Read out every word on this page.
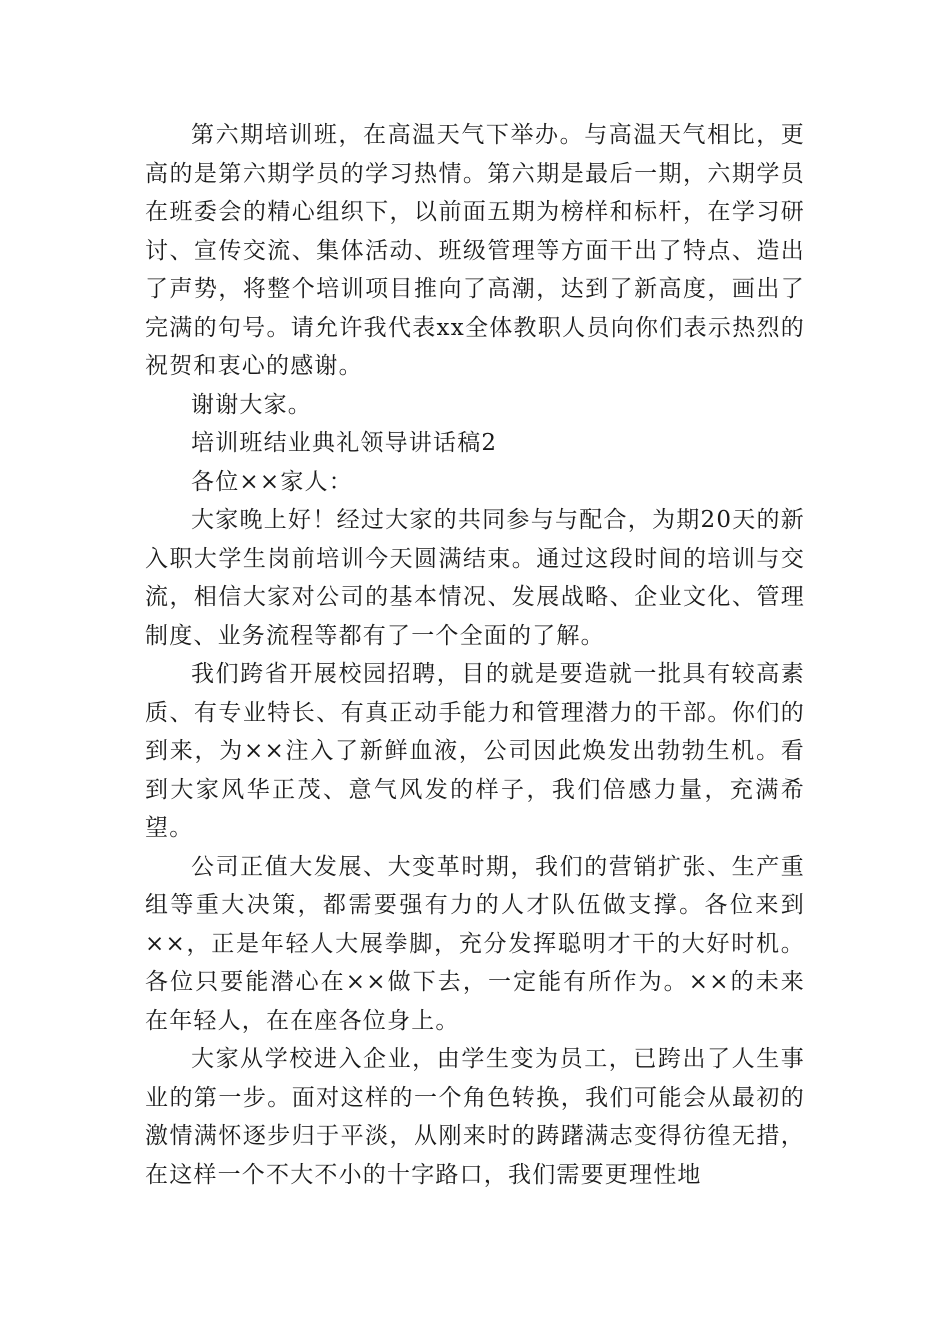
第六期培训班，在高温天气下举办。与高温天气相比，更高的是第六期学员的学习热情。第六期是最后一期，六期学员在班委会的精心组织下，以前面五期为榜样和标杆，在学习研讨、宣传交流、集体活动、班级管理等方面干出了特点、造出了声势，将整个培训项目推向了高潮，达到了新高度，画出了完满的句号。请允许我代表xx全体教职人员向你们表示热烈的祝贺和衷心的感谢。

谢谢大家。

培训班结业典礼领导讲话稿2

各位××家人：

大家晚上好！经过大家的共同参与与配合，为期20天的新入职大学生岗前培训今天圆满结束。通过这段时间的培训与交流，相信大家对公司的基本情况、发展战略、企业文化、管理制度、业务流程等都有了一个全面的了解。

我们跨省开展校园招聘，目的就是要造就一批具有较高素质、有专业特长、有真正动手能力和管理潜力的干部。你们的到来，为××注入了新鲜血液，公司因此焕发出勃勃生机。看到大家风华正茂、意气风发的样子，我们倍感力量，充满希望。

公司正值大发展、大变革时期，我们的营销扩张、生产重组等重大决策，都需要强有力的人才队伍做支撑。各位来到××，正是年轻人大展拳脚，充分发挥聪明才干的大好时机。各位只要能潜心在××做下去，一定能有所作为。××的未来在年轻人，在在座各位身上。

大家从学校进入企业，由学生变为员工，已跨出了人生事业的第一步。面对这样的一个角色转换，我们可能会从最初的激情满怀逐步归于平淡，从刚来时的踌躇满志变得彷徨无措，在这样一个不大不小的十字路口，我们需要更理性地
